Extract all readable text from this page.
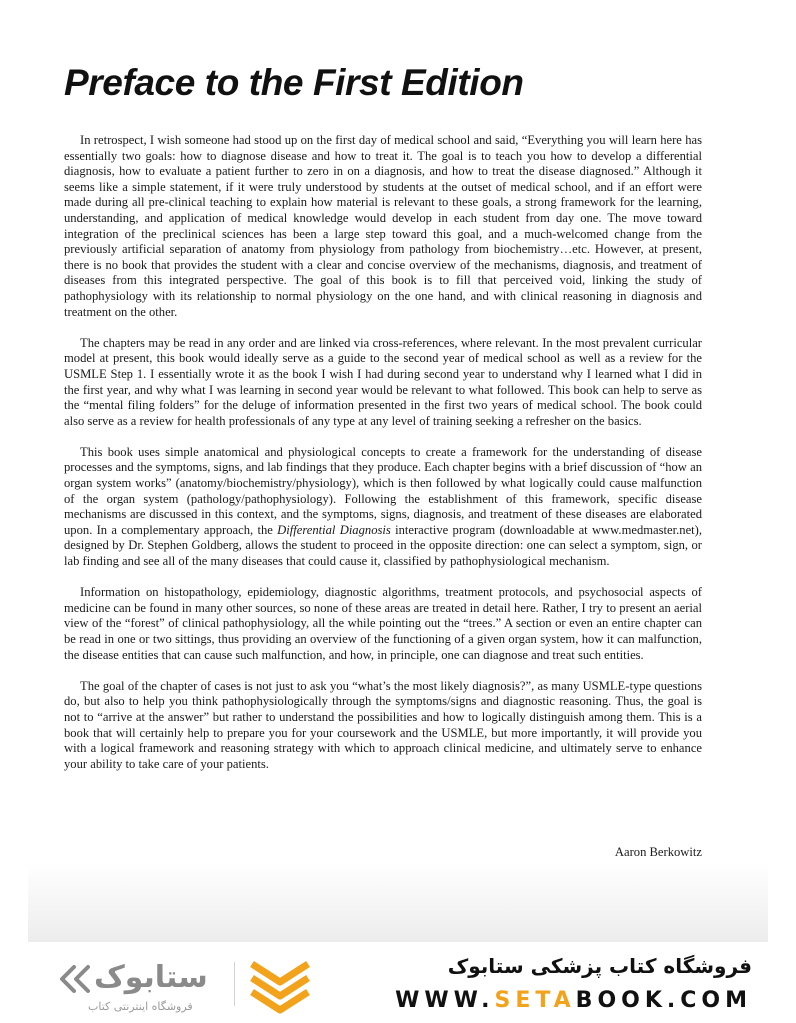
Preface to the First Edition

In retrospect, I wish someone had stood up on the first day of medical school and said, “Everything you will learn here has essentially two goals: how to diagnose disease and how to treat it. The goal is to teach you how to develop a differential diagnosis, how to evaluate a patient further to zero in on a diagnosis, and how to treat the disease diagnosed.” Although it seems like a simple statement, if it were truly understood by students at the outset of medical school, and if an effort were made during all pre-clinical teaching to explain how material is relevant to these goals, a strong framework for the learning, understanding, and application of medical knowledge would develop in each student from day one. The move toward integration of the preclinical sciences has been a large step toward this goal, and a much-welcomed change from the previously artificial separation of anatomy from physiology from pathology from biochemistry…etc. However, at present, there is no book that provides the student with a clear and concise overview of the mechanisms, diagnosis, and treatment of diseases from this integrated perspective. The goal of this book is to fill that perceived void, linking the study of pathophysiology with its relationship to normal physiology on the one hand, and with clinical reasoning in diagnosis and treatment on the other.

The chapters may be read in any order and are linked via cross-references, where relevant. In the most prevalent curricular model at present, this book would ideally serve as a guide to the second year of medical school as well as a review for the USMLE Step 1. I essentially wrote it as the book I wish I had during second year to understand why I learned what I did in the first year, and why what I was learning in second year would be relevant to what followed. This book can help to serve as the “mental filing folders” for the deluge of information presented in the first two years of medical school. The book could also serve as a review for health professionals of any type at any level of training seeking a refresher on the basics.

This book uses simple anatomical and physiological concepts to create a framework for the understanding of disease processes and the symptoms, signs, and lab findings that they produce. Each chapter begins with a brief discussion of “how an organ system works” (anatomy/biochemistry/physiology), which is then followed by what logically could cause malfunction of the organ system (pathology/pathophysiology). Following the establishment of this framework, specific disease mechanisms are discussed in this context, and the symptoms, signs, diagnosis, and treatment of these diseases are elaborated upon. In a complementary approach, the Differential Diagnosis interactive program (downloadable at www.medmaster.net), designed by Dr. Stephen Goldberg, allows the student to proceed in the opposite direction: one can select a symptom, sign, or lab finding and see all of the many diseases that could cause it, classified by pathophysiological mechanism.

Information on histopathology, epidemiology, diagnostic algorithms, treatment protocols, and psychosocial aspects of medicine can be found in many other sources, so none of these areas are treated in detail here. Rather, I try to present an aerial view of the “forest” of clinical pathophysiology, all the while pointing out the “trees.” A section or even an entire chapter can be read in one or two sittings, thus providing an overview of the functioning of a given organ system, how it can malfunction, the disease entities that can cause such malfunction, and how, in principle, one can diagnose and treat such entities.

The goal of the chapter of cases is not just to ask you “what’s the most likely diagnosis?”, as many USMLE-type questions do, but also to help you think pathophysiologically through the symptoms/signs and diagnostic reasoning. Thus, the goal is not to “arrive at the answer” but rather to understand the possibilities and how to logically distinguish among them. This is a book that will certainly help to prepare you for your coursework and the USMLE, but more importantly, it will provide you with a logical framework and reasoning strategy with which to approach clinical medicine, and ultimately serve to enhance your ability to take care of your patients.

Aaron Berkowitz
ستابوک
فروشگاه اینترنتی کتاب
فروشگاه کتاب پزشکی ستابوک
WWW.SETABOOK.COM
